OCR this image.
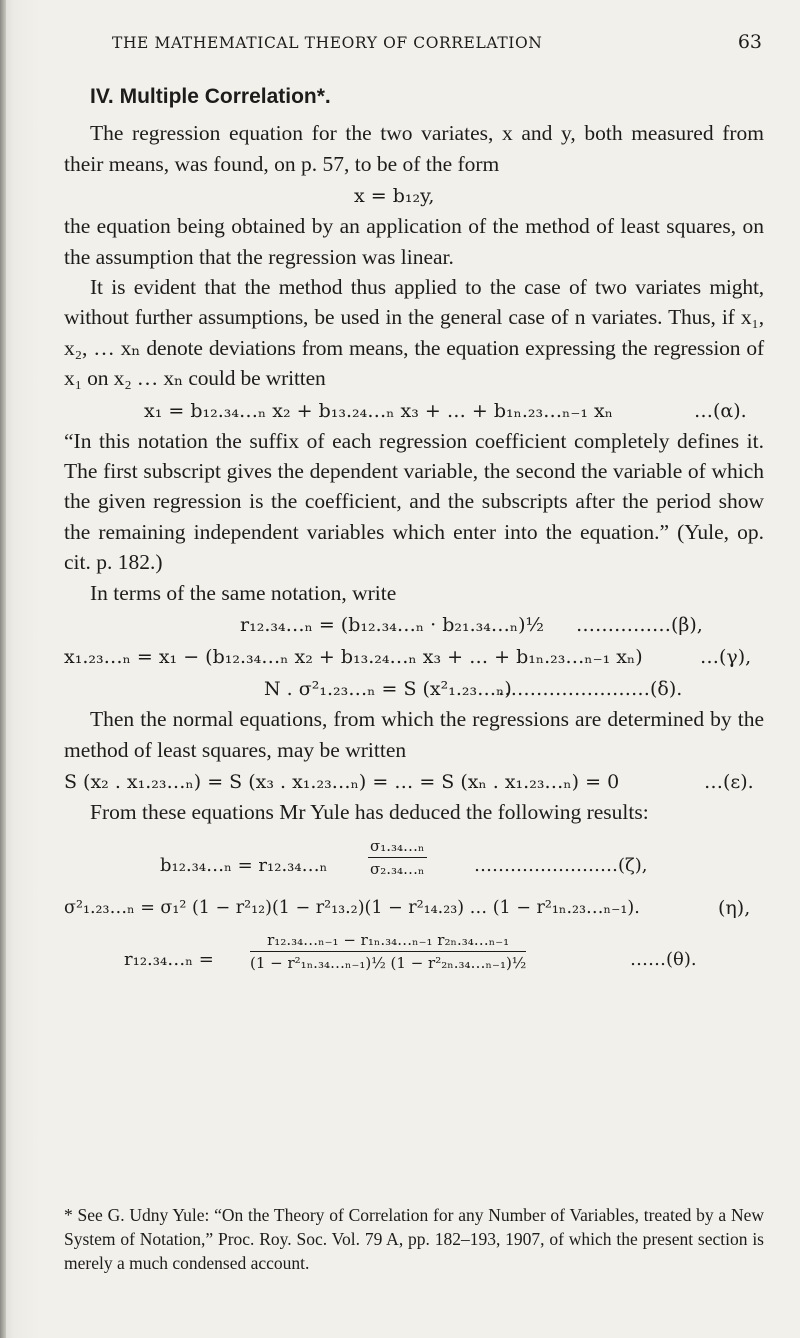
THE MATHEMATICAL THEORY OF CORRELATION	63
IV. Multiple Correlation*.

The regression equation for the two variates, x and y, both measured from their means, was found, on p. 57, to be of the form

x = b₁₂y,

the equation being obtained by an application of the method of least squares, on the assumption that the regression was linear.

It is evident that the method thus applied to the case of two variates might, without further assumptions, be used in the general case of n variates. Thus, if x₁, x₂, … xₙ denote deviations from means, the equation expressing the regression of x₁ on x₂ … xₙ could be written

x₁ = b₁₂.₃₄…ₙ x₂ + b₁₃.₂₄…ₙ x₃ + … + b₁ₙ.₂₃…ₙ₋₁ xₙ	…(α).

“In this notation the suffix of each regression coefficient completely defines it. The first subscript gives the dependent variable, the second the variable of which the given regression is the coefficient, and the subscripts after the period show the remaining independent variables which enter into the equation.” (Yule, op. cit. p. 182.)

In terms of the same notation, write

r₁₂.₃₄…ₙ = (b₁₂.₃₄…ₙ · b₂₁.₃₄…ₙ)½ ……………(β),
x₁.₂₃…ₙ = x₁ − (b₁₂.₃₄…ₙ x₂ + b₁₃.₂₄…ₙ x₃ + … + b₁ₙ.₂₃…ₙ₋₁ xₙ)	…(γ),
N . σ²₁.₂₃…ₙ = S (x²₁.₂₃…ₙ)
……………………(δ).

Then the normal equations, from which the regressions are determined by the method of least squares, may be written

S (x₂ . x₁.₂₃…ₙ) = S (x₃ . x₁.₂₃…ₙ) = … = S (xₙ . x₁.₂₃…ₙ) = 0	…(ε).

From these equations Mr Yule has deduced the following results:

b₁₂.₃₄…ₙ = r₁₂.₃₄…ₙ	$\frac{\text{σ₁.₃₄…ₙ}}{\text{σ₂.₃₄…ₙ}}$	……………………(ζ),
σ²₁.₂₃…ₙ = σ₁² (1 − r²₁₂)(1 − r²₁₃.₂)(1 − r²₁₄.₂₃) … (1 − r²₁ₙ.₂₃…ₙ₋₁).	(η),
r₁₂.₃₄…ₙ = $\frac{\text{r₁₂.₃₄…ₙ₋₁ − r₁ₙ.₃₄…ₙ₋₁ r₂ₙ.₃₄…ₙ₋₁}}{\text{(1 − r²₁ₙ.₃₄…ₙ₋₁)½ (1 − r²₂ₙ.₃₄…ₙ₋₁)½}}$	……(θ).
* See G. Udny Yule: “On the Theory of Correlation for any Number of Variables, treated by a New System of Notation,” Proc. Roy. Soc. Vol. 79 A, pp. 182–193, 1907, of which the present section is merely a much condensed account.
